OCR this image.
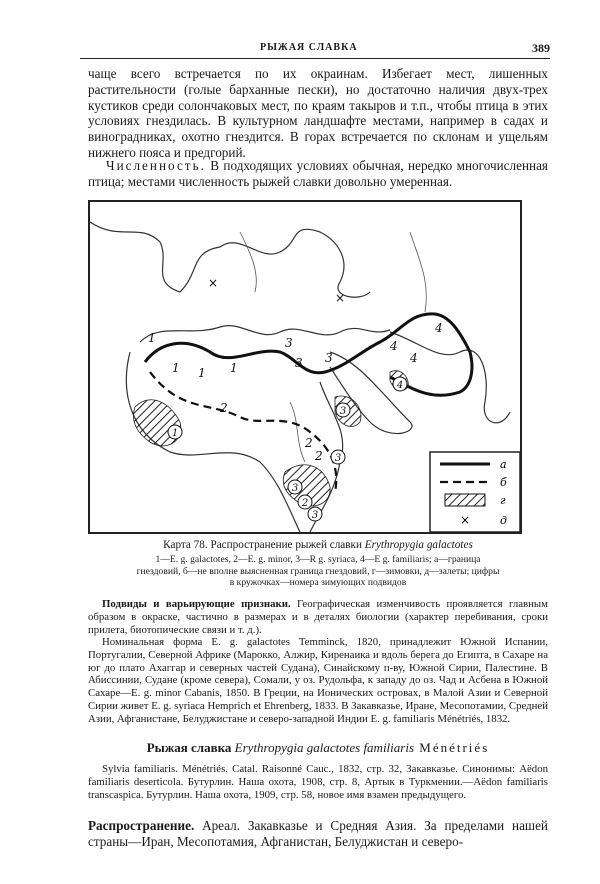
РЫЖАЯ СЛАВКА	389

чаще всего встречается по их окраинам. Избегает мест, лишенных растительности (голые барханные пески), но достаточно наличия двух-трех кустиков среди солончаковых мест, по краям такыров и т.п., чтобы птица в этих условиях гнездилась. В культурном ландшафте местами, например в садах и виноградниках, охотно гнездится. В горах встречается по склонам и ущельям нижнего пояса и предгорий.

Численность. В подходящих условиях обычная, нередко многочисленная птица; местами численность рыжей славки довольно умеренная.

×
×
1
1 1 1
2
2
2
3
3 3
4
4
4
1
3
3
3
4
2
3
а
б
г
×	д

Карта 78. Распространение рыжей славки Erythropygia galactotes

1—E. g. galactotes, 2—E. g. minor, 3—R g. syriaca, 4—E g. familiaris; а—граница
гнездовий, б—не вполне выясненная граница гнездовий, г—зимовки, д—залеты; цифры
в кружочках—номера зимующих подвидов

Подвиды и варьирующие признаки. Географическая изменчивость проявляется главным образом в окраске, частично в размерах и в деталях биологии (характер перебивания, сроки прилета, биотопические связи и т. д.).

Номинальная форма E. g. galactotes Temminck, 1820, принадлежит Южной Испании, Португалии, Северной Африке (Марокко, Алжир, Киренаика и вдоль берега до Египта, в Сахаре на юг до плато Ахаггар и северных частей Судана), Синайскому п-ву, Южной Сирии, Палестине. В Абиссинии, Судане (кроме севера), Сомали, у оз. Рудольфа, к западу до оз. Чад и Асбена в Южной Сахаре—E. g. minor Cabanis, 1850. В Греции, на Ионических островах, в Малой Азии и Северной Сирии живет E. g. syriaca Hemprich et Ehrenberg, 1833. В Закавказье, Иране, Месопотамии, Средней Азии, Афганистане, Белуджистане и северо-западной Индии E. g. familiaris Ménétriés, 1832.

Рыжая славка Erythropygia galactotes familiaris Ménétriés

Sylvia familiaris. Ménétriés. Catal. Raisonné Cauc., 1832, стр. 32, Закавказье. Синонимы: Aëdon familiaris deserticola. Бутурлин. Наша охота, 1908, стр. 8, Артык в Туркмении.—Aëdon familiaris transcaspica. Бутурлин. Наша охота, 1909, стр. 58, новое имя взамен предыдущего.

Распространение. Ареал. Закавказье и Средняя Азия. За пределами нашей страны—Иран, Месопотамия, Афганистан, Белуджистан и северо-
